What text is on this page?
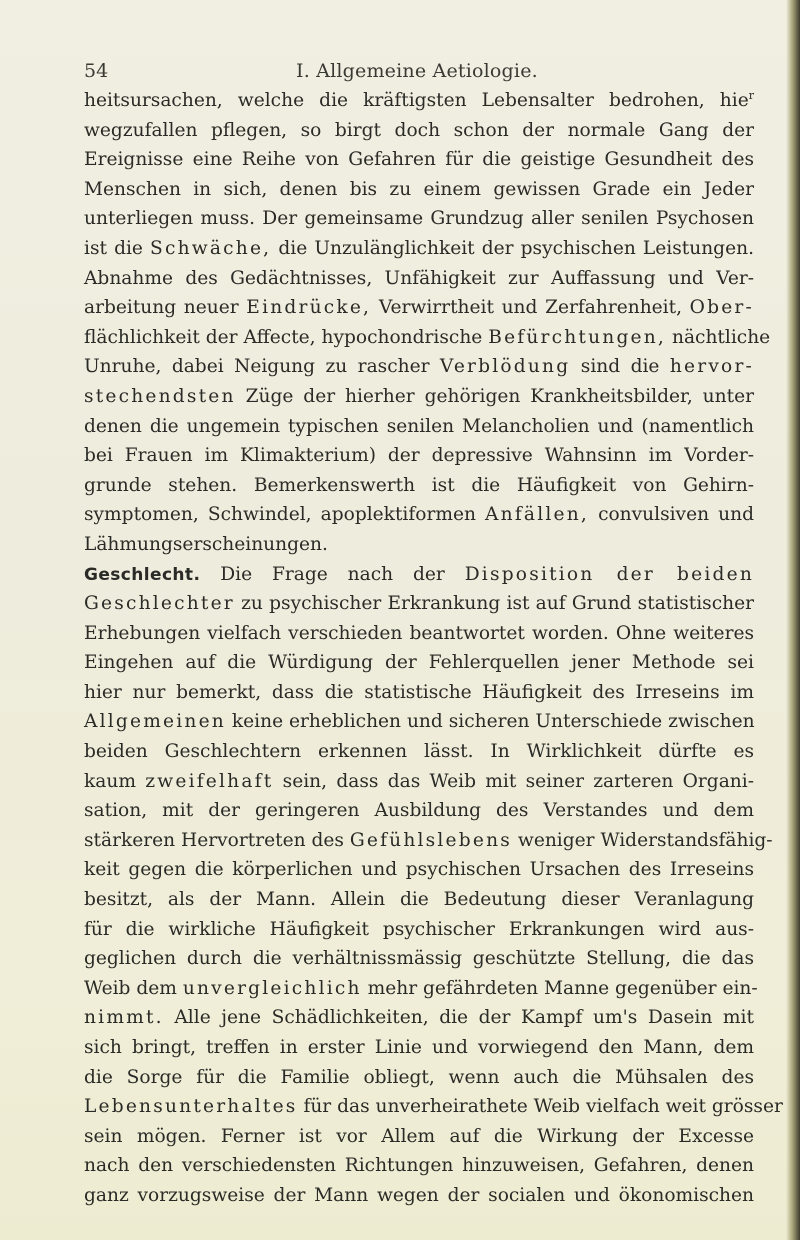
54	I. Allgemeine Aetiologie.
heitsursachen, welche die kräftigsten Lebensalter bedrohen, hie$^r$
wegzufallen pflegen, so birgt doch schon der normale Gang der
Ereignisse eine Reihe von Gefahren für die geistige Gesundheit des
Menschen in sich, denen bis zu einem gewissen Grade ein Jeder
unterliegen muss. Der gemeinsame Grundzug aller senilen Psychosen
ist die Schwäche, die Unzulänglichkeit der psychischen Leistungen.
Abnahme des Gedächtnisses, Unfähigkeit zur Auffassung und Ver-
arbeitung neuer Eindrücke, Verwirrtheit und Zerfahrenheit, Ober-
flächlichkeit der Affecte, hypochondrische Befürchtungen, nächtliche
Unruhe, dabei Neigung zu rascher Verblödung sind die hervor-
stechendsten Züge der hierher gehörigen Krankheitsbilder, unter
denen die ungemein typischen senilen Melancholien und (namentlich
bei Frauen im Klimakterium) der depressive Wahnsinn im Vorder-
grunde stehen. Bemerkenswerth ist die Häufigkeit von Gehirn-
symptomen, Schwindel, apoplektiformen Anfällen, convulsiven und
Lähmungserscheinungen.
Geschlecht. Die Frage nach der Disposition der beiden
Geschlechter zu psychischer Erkrankung ist auf Grund statistischer
Erhebungen vielfach verschieden beantwortet worden. Ohne weiteres
Eingehen auf die Würdigung der Fehlerquellen jener Methode sei
hier nur bemerkt, dass die statistische Häufigkeit des Irreseins im
Allgemeinen keine erheblichen und sicheren Unterschiede zwischen
beiden Geschlechtern erkennen lässt. In Wirklichkeit dürfte es
kaum zweifelhaft sein, dass das Weib mit seiner zarteren Organi-
sation, mit der geringeren Ausbildung des Verstandes und dem
stärkeren Hervortreten des Gefühlslebens weniger Widerstandsfähig-
keit gegen die körperlichen und psychischen Ursachen des Irreseins
besitzt, als der Mann. Allein die Bedeutung dieser Veranlagung
für die wirkliche Häufigkeit psychischer Erkrankungen wird aus-
geglichen durch die verhältnissmässig geschützte Stellung, die das
Weib dem unvergleichlich mehr gefährdeten Manne gegenüber ein-
nimmt. Alle jene Schädlichkeiten, die der Kampf um's Dasein mit
sich bringt, treffen in erster Linie und vorwiegend den Mann, dem
die Sorge für die Familie obliegt, wenn auch die Mühsalen des
Lebensunterhaltes für das unverheirathete Weib vielfach weit grösser
sein mögen. Ferner ist vor Allem auf die Wirkung der Excesse
nach den verschiedensten Richtungen hinzuweisen, Gefahren, denen
ganz vorzugsweise der Mann wegen der socialen und ökonomischen
